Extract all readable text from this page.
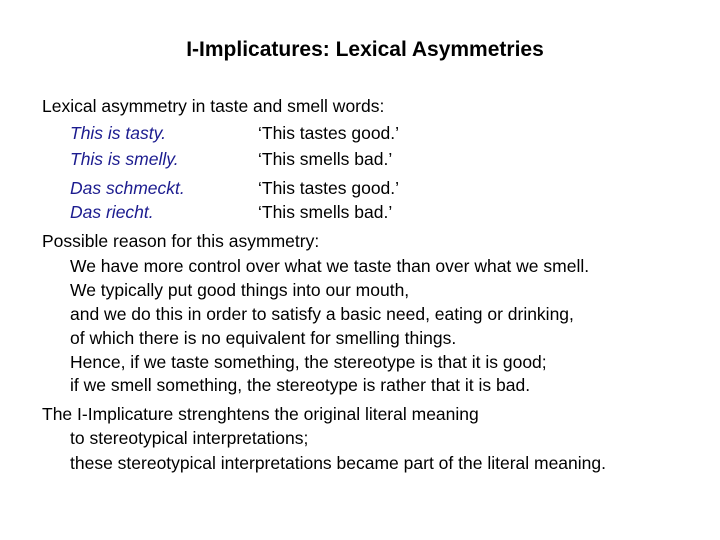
I-Implicatures: Lexical Asymmetries
Lexical asymmetry in taste and smell words:
This is tasty.	‘This tastes good.’
This is smelly.	‘This smells bad.’
Das schmeckt.	‘This tastes good.’
Das riecht.	‘This smells bad.’
Possible reason for this asymmetry:
We have more control over what we taste than over what we smell.
We typically put good things into our mouth,
and we do this in order to satisfy a basic need, eating or drinking,
of which there is no equivalent for smelling things.
Hence, if we taste something, the stereotype is that it is good;
if we smell something, the stereotype is rather that it is bad.
The I-Implicature strenghtens the original literal meaning
to stereotypical interpretations;
these stereotypical interpretations became part of the literal meaning.
